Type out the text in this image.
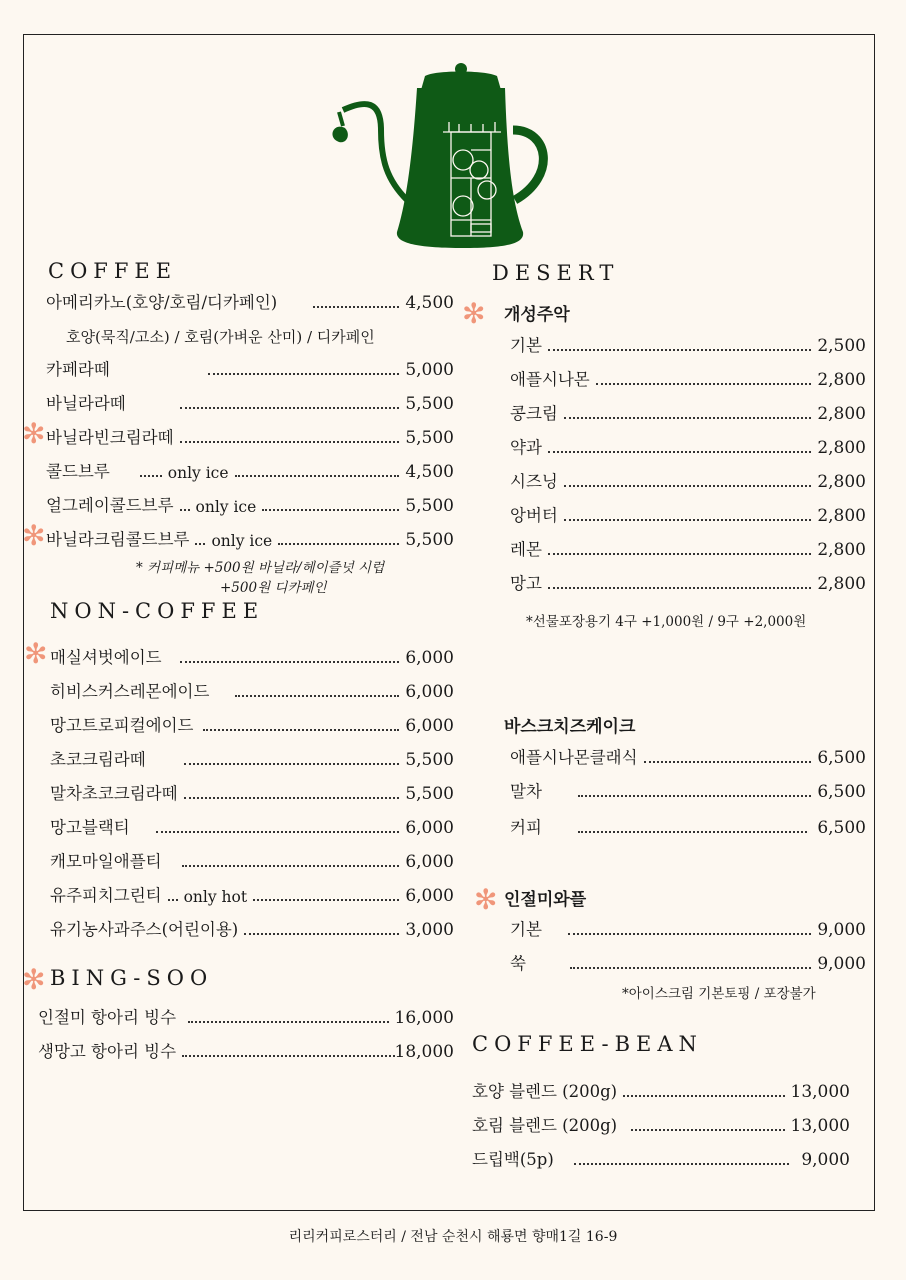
COFFEE
아메리카노(호양/호림/디카페인)	4,500
호양(묵직/고소) / 호림(가벼운 산미) / 디카페인
카페라떼	5,000
바닐라라떼	5,500
✻ 바닐라빈크림라떼	5,500
콜드브루	only ice	4,500
얼그레이콜드브루 only ice	5,500
✻ 바닐라크림콜드브루 only ice	5,500
* 커피메뉴 +500원 바닐라/헤이즐넛 시럽
+500원 디카페인
NON-COFFEE
✻ 매실셔벗에이드	6,000
히비스커스레몬에이드	6,000
망고트로피컬에이드	6,000
초코크림라떼	5,500
말차초코크림라떼	5,500
망고블랙티	6,000
캐모마일애플티	6,000
유주피치그린티 only hot	6,000
유기농사과주스(어린이용)	3,000
✻ BING-SOO
인절미 항아리 빙수	16,000
생망고 항아리 빙수	18,000
DESERT
✻ 개성주악
기본	2,500
애플시나몬	2,800
콩크림	2,800
약과	2,800
시즈닝	2,800
앙버터	2,800
레몬	2,800
망고	2,800
*선물포장용기 4구 +1,000원 / 9구 +2,000원
바스크치즈케이크
애플시나몬클래식	6,500
말차	6,500
커피	6,500
✻ 인절미와플
기본	9,000
쑥	9,000
*아이스크림 기본토핑 / 포장불가
COFFEE-BEAN
호양 블렌드 (200g)	13,000
호림 블렌드 (200g)	13,000
드립백(5p)	9,000
리리커피로스터리 / 전남 순천시 해룡면 향매1길 16-9
